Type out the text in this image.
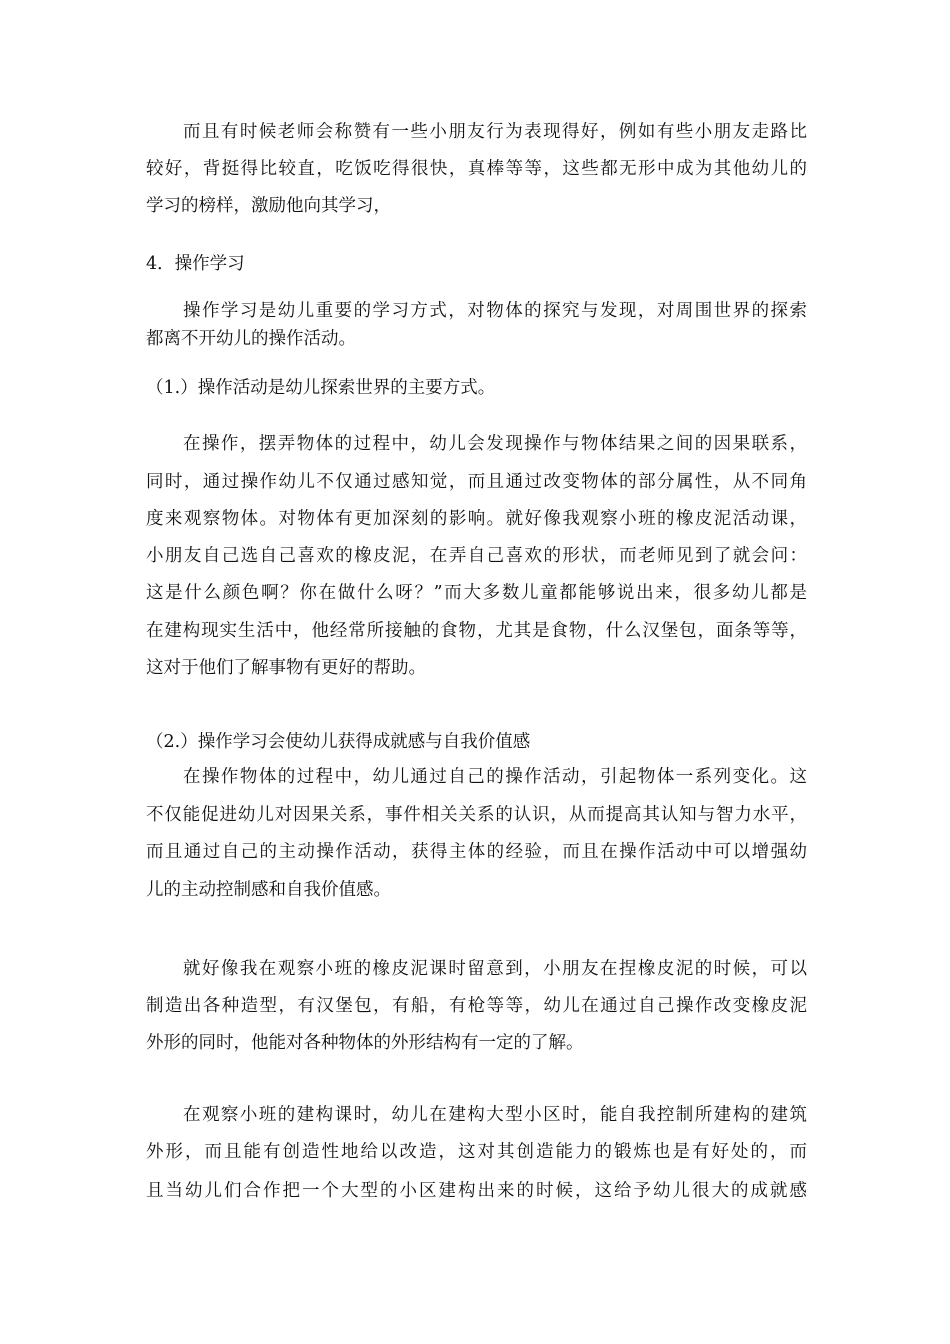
而且有时候老师会称赞有一些小朋友行为表现得好，例如有些小朋友走路比
较好，背挺得比较直，吃饭吃得很快，真棒等等，这些都无形中成为其他幼儿的
学习的榜样，激励他向其学习，
4．操作学习
操作学习是幼儿重要的学习方式，对物体的探究与发现，对周围世界的探索
都离不开幼儿的操作活动。
（1.）操作活动是幼儿探索世界的主要方式。
在操作，摆弄物体的过程中，幼儿会发现操作与物体结果之间的因果联系，
同时，通过操作幼儿不仅通过感知觉，而且通过改变物体的部分属性，从不同角
度来观察物体。对物体有更加深刻的影响。就好像我观察小班的橡皮泥活动课，
小朋友自己选自己喜欢的橡皮泥，在弄自己喜欢的形状，而老师见到了就会问：
这是什么颜色啊？你在做什么呀？”而大多数儿童都能够说出来，很多幼儿都是
在建构现实生活中，他经常所接触的食物，尤其是食物，什么汉堡包，面条等等，
这对于他们了解事物有更好的帮助。
（2.）操作学习会使幼儿获得成就感与自我价值感
在操作物体的过程中，幼儿通过自己的操作活动，引起物体一系列变化。这
不仅能促进幼儿对因果关系，事件相关关系的认识，从而提高其认知与智力水平，
而且通过自己的主动操作活动，获得主体的经验，而且在操作活动中可以增强幼
儿的主动控制感和自我价值感。
就好像我在观察小班的橡皮泥课时留意到，小朋友在捏橡皮泥的时候，可以
制造出各种造型，有汉堡包，有船，有枪等等，幼儿在通过自己操作改变橡皮泥
外形的同时，他能对各种物体的外形结构有一定的了解。
在观察小班的建构课时，幼儿在建构大型小区时，能自我控制所建构的建筑
外形，而且能有创造性地给以改造，这对其创造能力的锻炼也是有好处的，而
且当幼儿们合作把一个大型的小区建构出来的时候，这给予幼儿很大的成就感
